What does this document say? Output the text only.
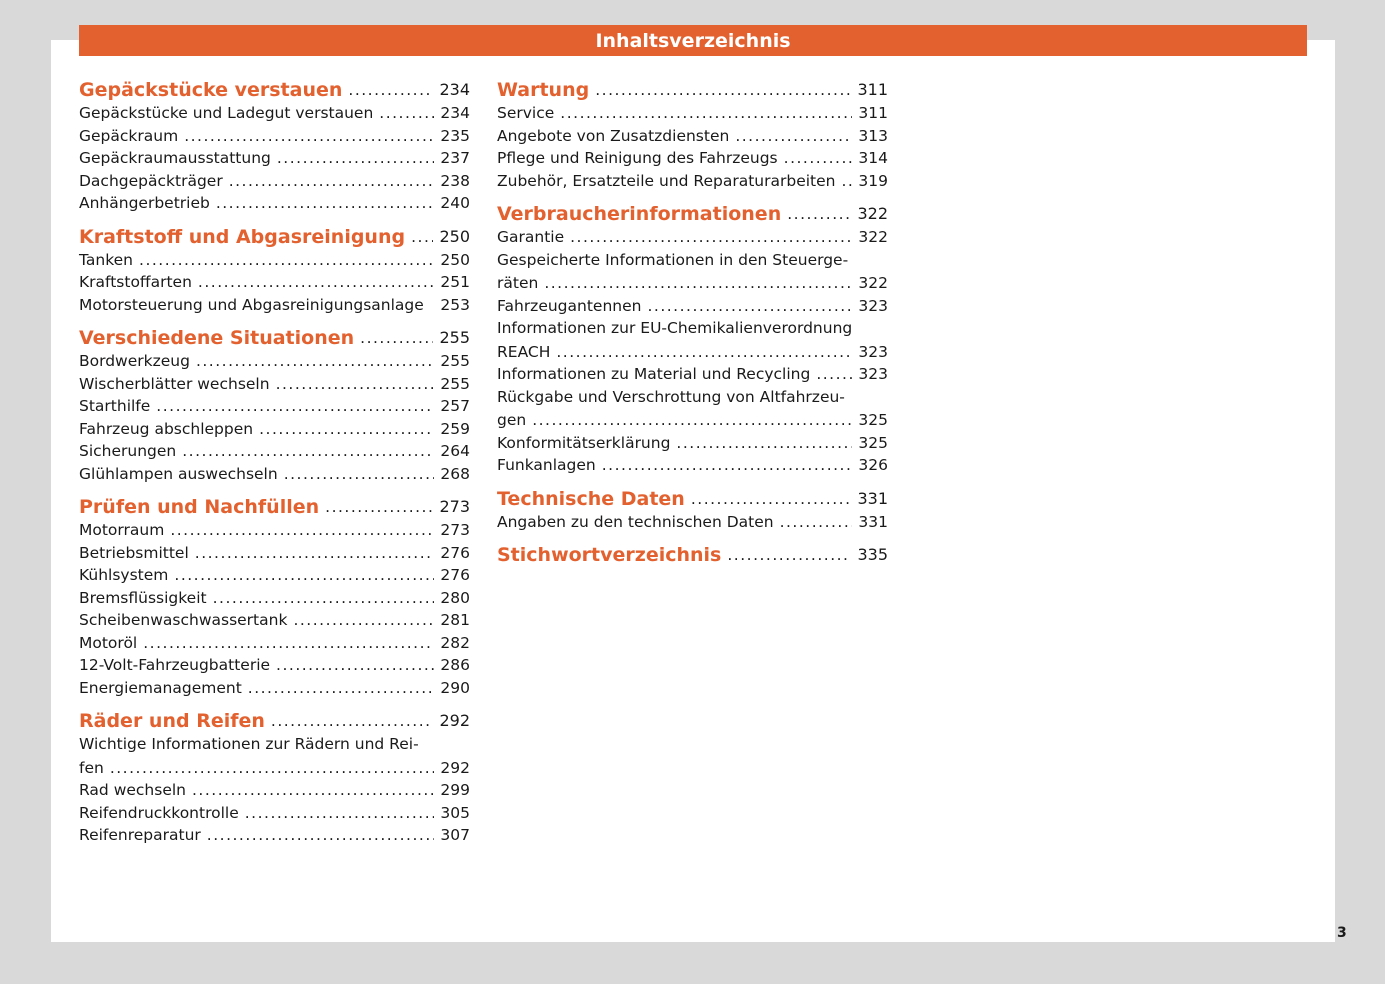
Inhaltsverzeichnis
Gepäckstücke verstauen .....	234
Gepäckstücke und Ladegut verstauen .....	234
Gepäckraum .....	235
Gepäckraumausstattung .....	237
Dachgepäckträger .....	238
Anhängerbetrieb .....	240
Kraftstoff und Abgasreinigung ..... 250
Tanken .....	250
Kraftstoffarten .....	251
Motorsteuerung und Abgasreinigungsanlage 253
Verschiedene Situationen .....	255
Bordwerkzeug .....	255
Wischerblätter wechseln .....	255
Starthilfe .....	257
Fahrzeug abschleppen .....	259
Sicherungen .....	264
Glühlampen auswechseln .....	268
Prüfen und Nachfüllen .....	273
Motorraum .....	273
Betriebsmittel .....	276
Kühlsystem .....	276
Bremsflüssigkeit .....	280
Scheibenwaschwassertank .....	281
Motoröl .....	282
12-Volt-Fahrzeugbatterie .....	286
Energiemanagement .....	290
Räder und Reifen .....	292
Wichtige Informationen zur Rädern und Rei-
fen .....	292
Rad wechseln .....	299
Reifendruckkontrolle .....	305
Reifenreparatur .....	307
Wartung .....	311
Service .....	311
Angebote von Zusatzdiensten .....	313
Pflege und Reinigung des Fahrzeugs .....	314
Zubehör, Ersatzteile und Reparaturarbeiten ..... 319
Verbraucherinformationen .....	322
Garantie .....	322
Gespeicherte Informationen in den Steuerge-
räten .....	322
Fahrzeugantennen .....	323
Informationen zur EU-Chemikalienverordnung
REACH .....	323
Informationen zu Material und Recycling .....	323
Rückgabe und Verschrottung von Altfahrzeu-
gen .....	325
Konformitätserklärung .....	325
Funkanlagen .....	326
Technische Daten .....	331
Angaben zu den technischen Daten .....	331
Stichwortverzeichnis .....	335
3
